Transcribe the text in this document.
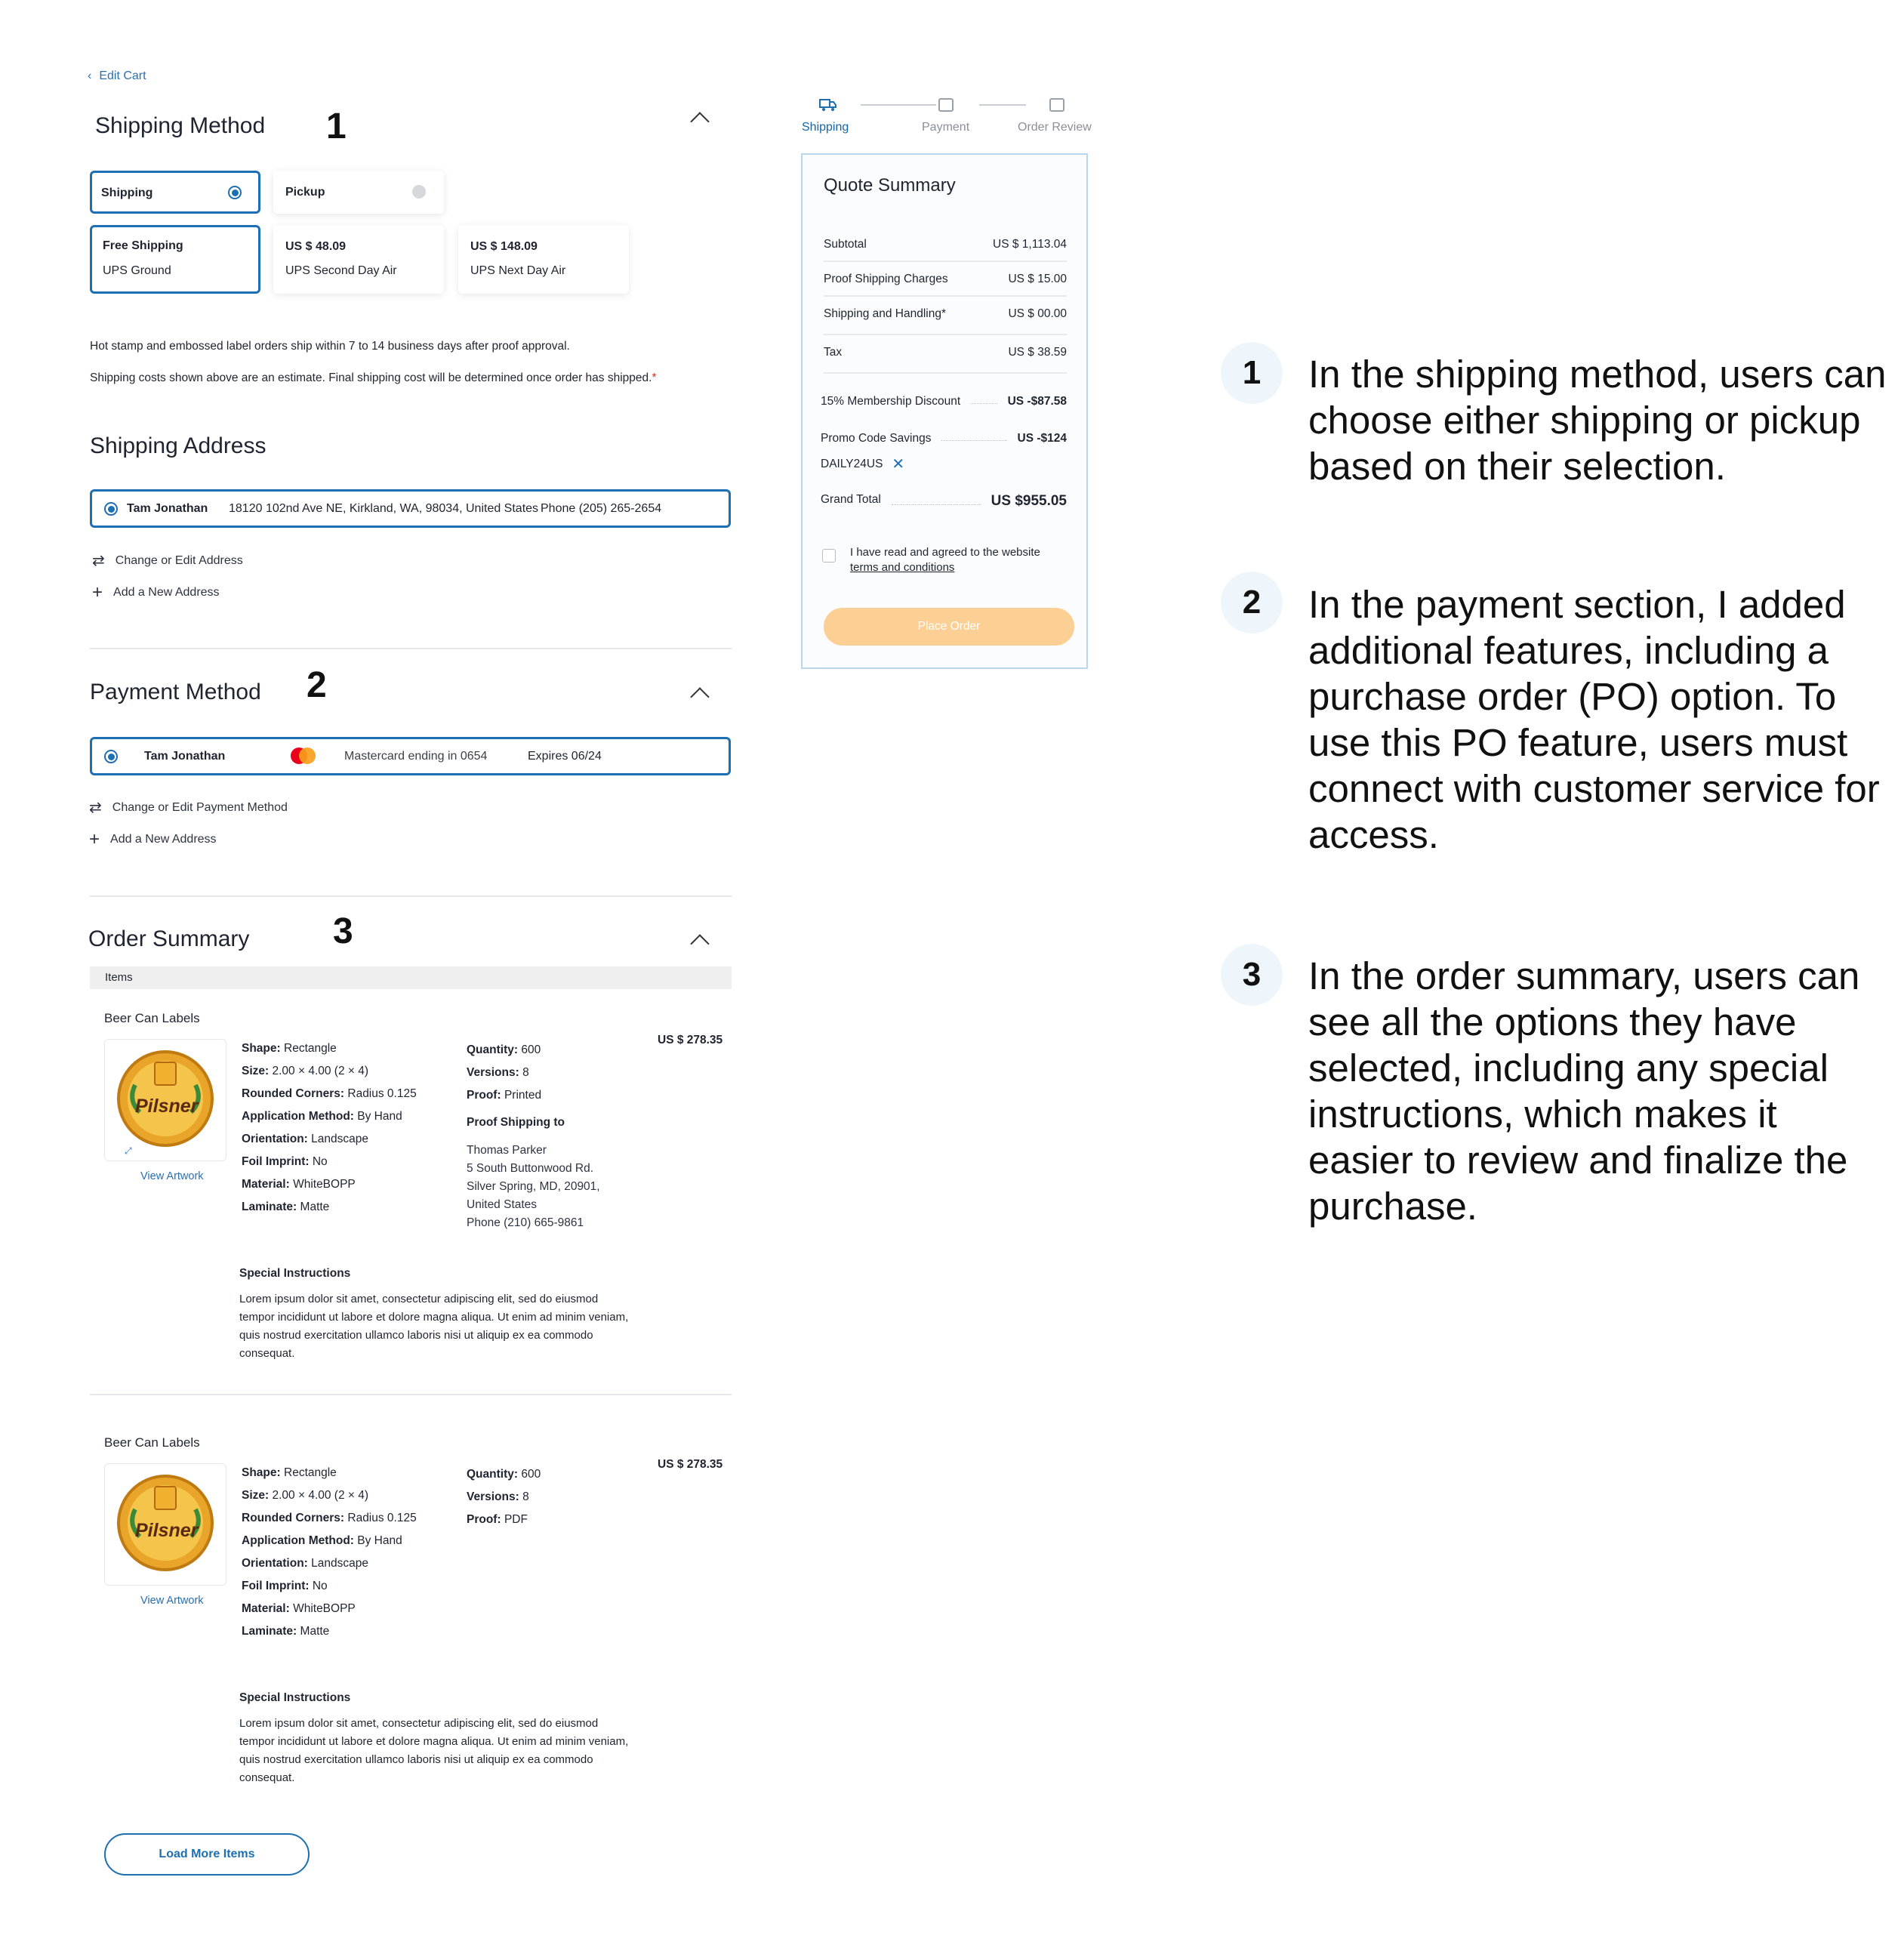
‹ Edit Cart
Shipping Method 1
Shipping	Pickup
Free Shipping
UPS Ground
US $ 48.09
UPS Second Day Air
US $ 148.09
UPS Next Day Air
Hot stamp and embossed label orders ship within 7 to 14 business days after proof approval.
Shipping costs shown above are an estimate. Final shipping cost will be determined once order has shipped.*
Shipping Address
Tam Jonathan 18120 102nd Ave NE, Kirkland, WA, 98034, United States Phone (205) 265-2654
⇄ Change or Edit Address
+ Add a New Address
Payment Method 2
Tam Jonathan	Mastercard ending in 0654	Expires 06/24
⇄ Change or Edit Payment Method
+ Add a New Address
Order Summary 3
Items
Beer Can Labels
Pilsner
⤢
View Artwork
Shape: Rectangle
Size: 2.00 × 4.00 (2 × 4)
Rounded Corners: Radius 0.125
Application Method: By Hand
Orientation: Landscape
Foil Imprint: No
Material: WhiteBOPP
Laminate: Matte
Quantity: 600
Versions: 8
Proof: Printed
Proof Shipping to
Thomas Parker
5 South Buttonwood Rd.
Silver Spring, MD, 20901,
United States
Phone (210) 665-9861
US $ 278.35
Special Instructions
Lorem ipsum dolor sit amet, consectetur adipiscing elit, sed do eiusmod tempor incididunt ut labore et dolore magna aliqua. Ut enim ad minim veniam, quis nostrud exercitation ullamco laboris nisi ut aliquip ex ea commodo consequat.
Beer Can Labels
Pilsner
View Artwork
Shape: Rectangle
Size: 2.00 × 4.00 (2 × 4)
Rounded Corners: Radius 0.125
Application Method: By Hand
Orientation: Landscape
Foil Imprint: No
Material: WhiteBOPP
Laminate: Matte
Quantity: 600
Versions: 8
Proof: PDF
US $ 278.35
Special Instructions
Lorem ipsum dolor sit amet, consectetur adipiscing elit, sed do eiusmod tempor incididunt ut labore et dolore magna aliqua. Ut enim ad minim veniam, quis nostrud exercitation ullamco laboris nisi ut aliquip ex ea commodo consequat.
Load More Items
Shipping	Payment	Order Review
Quote Summary
Subtotal	US $ 1,113.04
Proof Shipping Charges	US $ 15.00
Shipping and Handling*	US $ 00.00
Tax	US $ 38.59
15% Membership Discount	US -$87.58
Promo Code Savings	US -$124
DAILY24US ✕
Grand Total	US $955.05
I have read and agreed to the website
terms and conditions
Place Order
1	In the shipping method, users can choose either shipping or pickup based on their selection.
2	In the payment section, I added additional features, including a purchase order (PO) option. To use this PO feature, users must connect with customer service for access.
3	In the order summary, users can see all the options they have selected, including any special instructions, which makes it easier to review and finalize the purchase.
